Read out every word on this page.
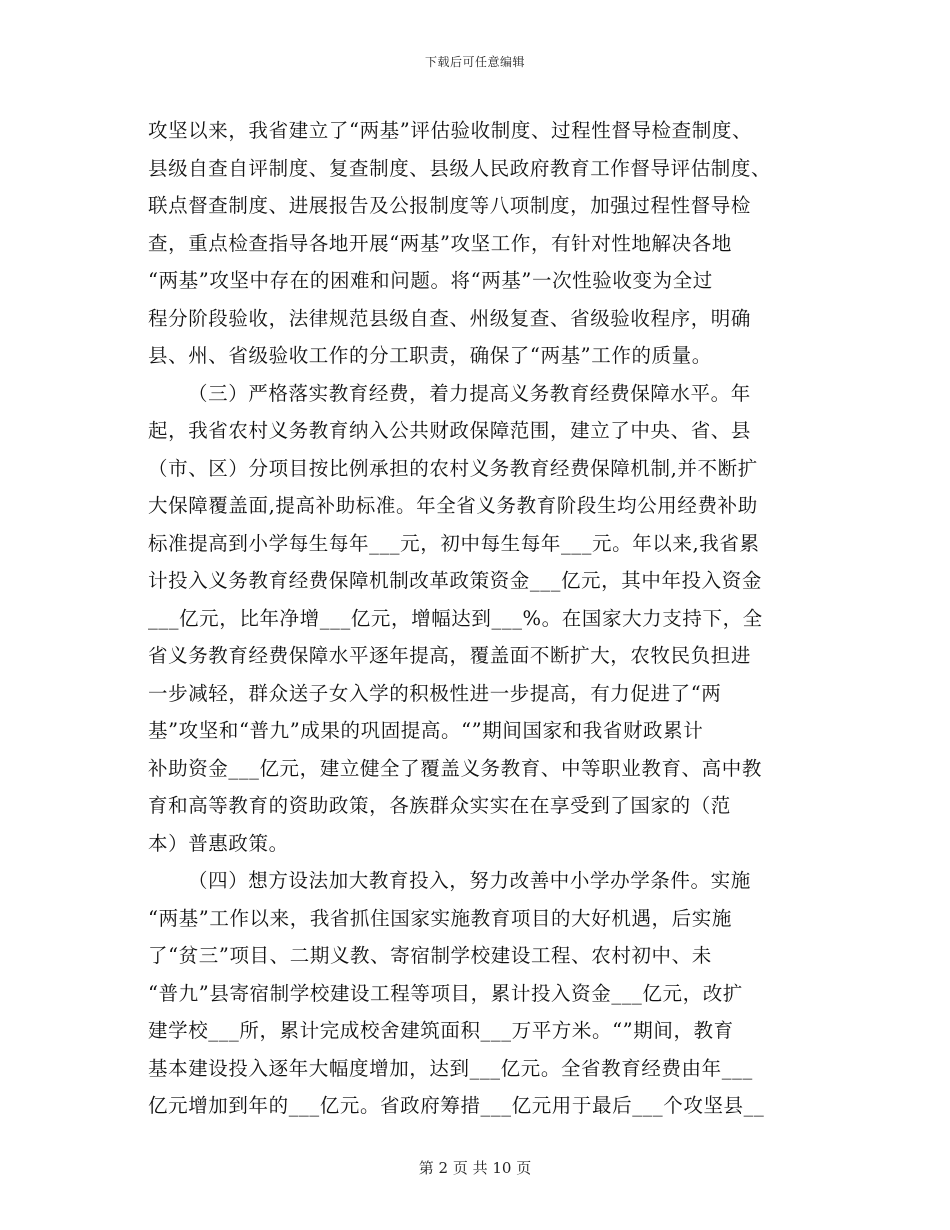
下载后可任意编辑
攻坚以来，我省建立了“两基”评估验收制度、过程性督导检查制度、
县级自查自评制度、复查制度、县级人民政府教育工作督导评估制度、
联点督查制度、进展报告及公报制度等八项制度，加强过程性督导检
查，重点检查指导各地开展“两基”攻坚工作，有针对性地解决各地
“两基”攻坚中存在的困难和问题。将“两基”一次性验收变为全过
程分阶段验收，法律规范县级自查、州级复查、省级验收程序，明确
县、州、省级验收工作的分工职责，确保了“两基”工作的质量。
（三）严格落实教育经费，着力提高义务教育经费保障水平。年
起，我省农村义务教育纳入公共财政保障范围，建立了中央、省、县
（市、区）分项目按比例承担的农村义务教育经费保障机制,并不断扩
大保障覆盖面,提高补助标准。年全省义务教育阶段生均公用经费补助
标准提高到小学每生每年___元，初中每生每年___元。年以来,我省累
计投入义务教育经费保障机制改革政策资金___亿元，其中年投入资金
___亿元，比年净增___亿元，增幅达到___%。在国家大力支持下，全
省义务教育经费保障水平逐年提高，覆盖面不断扩大，农牧民负担进
一步减轻，群众送子女入学的积极性进一步提高，有力促进了“两
基”攻坚和“普九”成果的巩固提高。“”期间国家和我省财政累计
补助资金___亿元，建立健全了覆盖义务教育、中等职业教育、高中教
育和高等教育的资助政策，各族群众实实在在享受到了国家的（范
本）普惠政策。
（四）想方设法加大教育投入，努力改善中小学办学条件。实施
“两基”工作以来，我省抓住国家实施教育项目的大好机遇，后实施
了“贫三”项目、二期义教、寄宿制学校建设工程、农村初中、未
“普九”县寄宿制学校建设工程等项目，累计投入资金___亿元，改扩
建学校___所，累计完成校舍建筑面积___万平方米。“”期间，教育
基本建设投入逐年大幅度增加，达到___亿元。全省教育经费由年___
亿元增加到年的___亿元。省政府筹措___亿元用于最后___个攻坚县__
第 2 页 共 10 页
